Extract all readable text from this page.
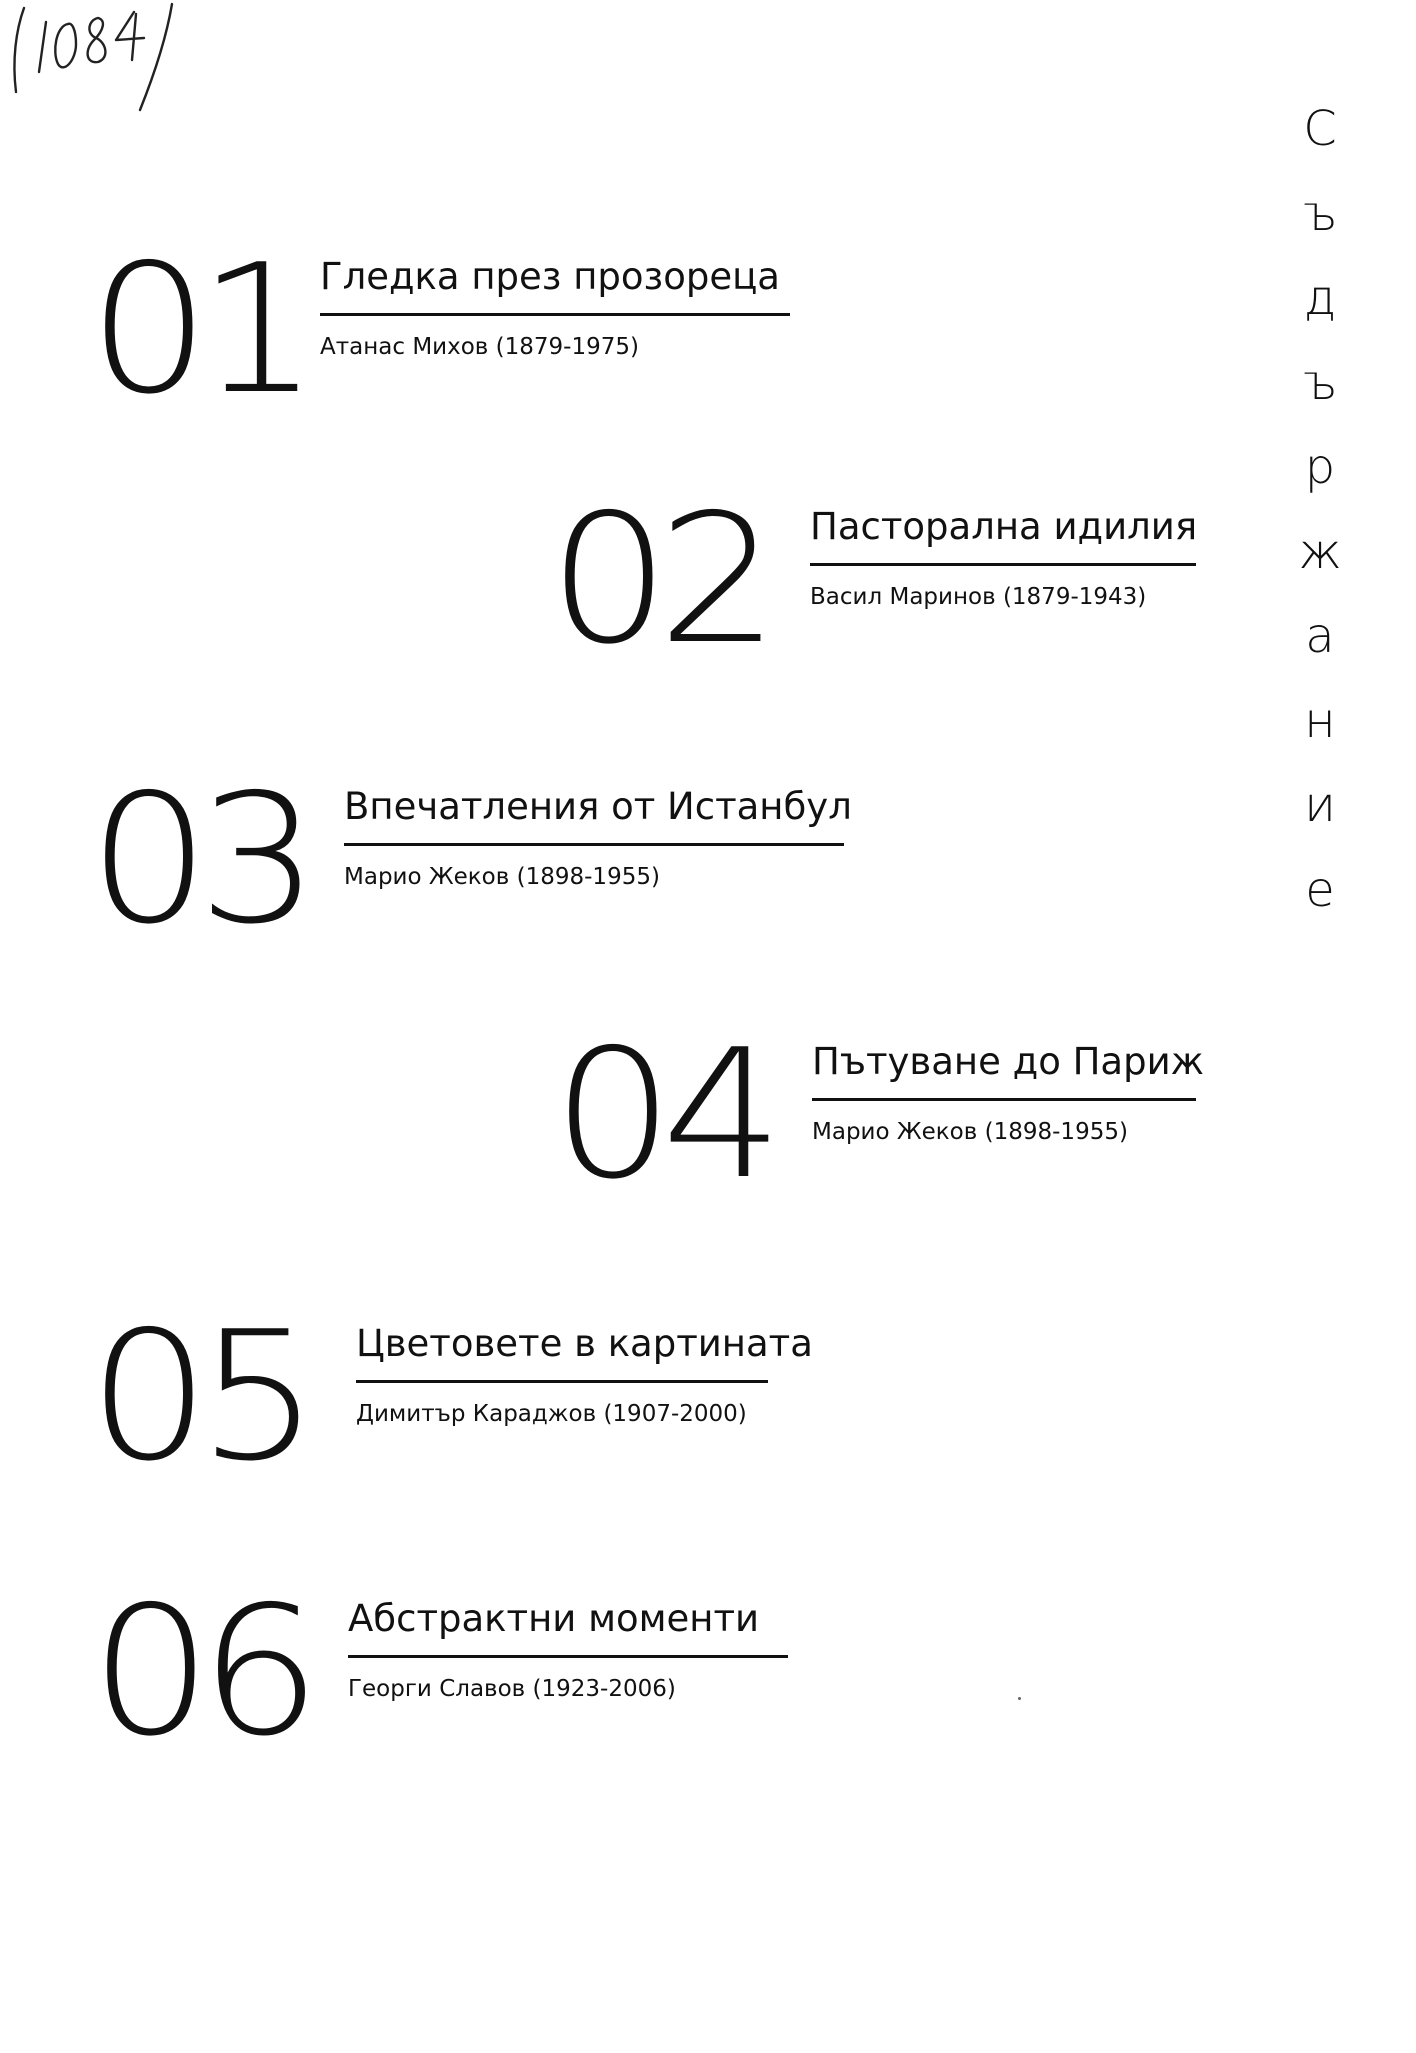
С
ъ
д
ъ
р
ж
а
н
и
е
01 Гледка през прозореца
Атанас Михов (1879-1975)
02 Пасторална идилия
Васил Маринов (1879-1943)
03 Впечатления от Истанбул
Марио Жеков (1898-1955)
04 Пътуване до Париж
Марио Жеков (1898-1955)
05 Цветовете в картината
Димитър Караджов (1907-2000)
06 Абстрактни моменти
Георги Славов (1923-2006)
